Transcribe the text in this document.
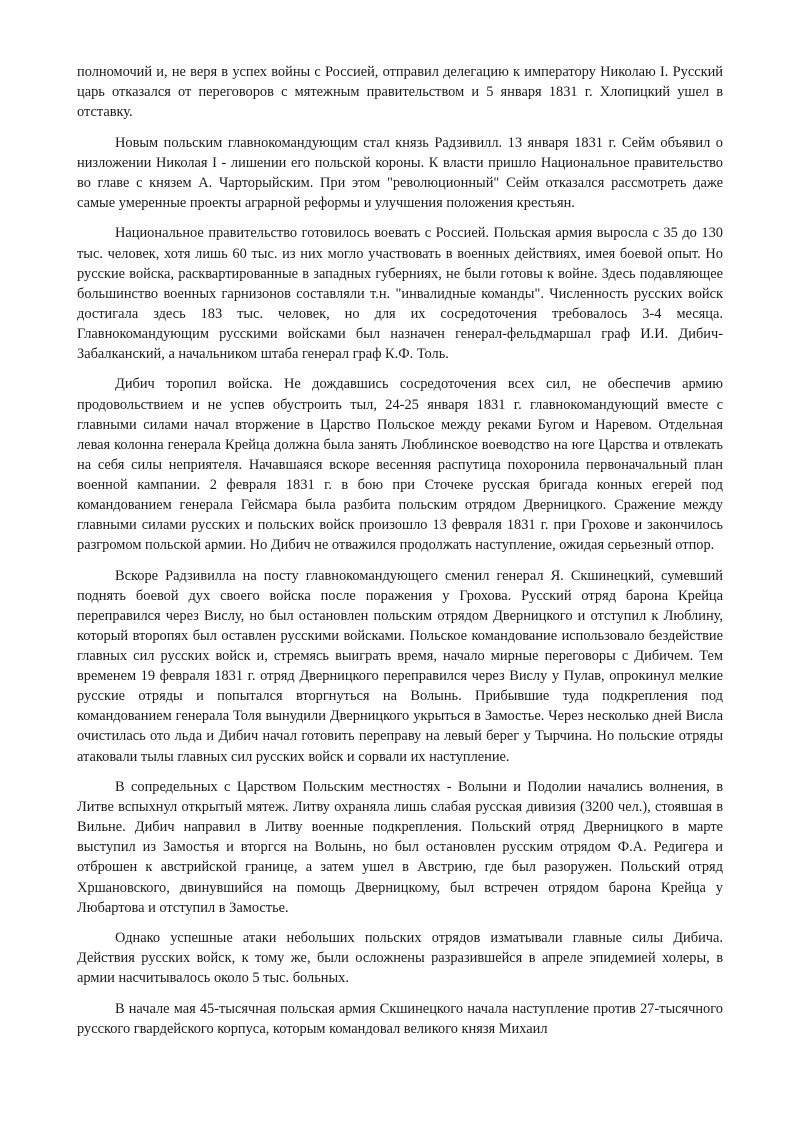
полномочий и, не веря в успех войны с Россией, отправил делегацию к императору Николаю I. Русский царь отказался от переговоров с мятежным правительством и 5 января 1831 г. Хлопицкий ушел в отставку.

Новым польским главнокомандующим стал князь Радзивилл. 13 января 1831 г. Сейм объявил о низложении Николая I - лишении его польской короны. К власти пришло Национальное правительство во главе с князем А. Чарторыйским. При этом "революционный" Сейм отказался рассмотреть даже самые умеренные проекты аграрной реформы и улучшения положения крестьян.

Национальное правительство готовилось воевать с Россией. Польская армия выросла с 35 до 130 тыс. человек, хотя лишь 60 тыс. из них могло участвовать в военных действиях, имея боевой опыт. Но русские войска, расквартированные в западных губерниях, не были готовы к войне. Здесь подавляющее большинство военных гарнизонов составляли т.н. "инвалидные команды". Численность русских войск достигала здесь 183 тыс. человек, но для их сосредоточения требовалось 3-4 месяца. Главнокомандующим русскими войсками был назначен генерал-фельдмаршал граф И.И. Дибич-Забалканский, а начальником штаба генерал граф К.Ф. Толь.

Дибич торопил войска. Не дождавшись сосредоточения всех сил, не обеспечив армию продовольствием и не успев обустроить тыл, 24-25 января 1831 г. главнокомандующий вместе с главными силами начал вторжение в Царство Польское между реками Бугом и Наревом. Отдельная левая колонна генерала Крейца должна была занять Люблинское воеводство на юге Царства и отвлекать на себя силы неприятеля. Начавшаяся вскоре весенняя распутица похоронила первоначальный план военной кампании. 2 февраля 1831 г. в бою при Сточеке русская бригада конных егерей под командованием генерала Гейсмара была разбита польским отрядом Дверницкого. Сражение между главными силами русских и польских войск произошло 13 февраля 1831 г. при Грохове и закончилось разгромом польской армии. Но Дибич не отважился продолжать наступление, ожидая серьезный отпор.

Вскоре Радзивилла на посту главнокомандующего сменил генерал Я. Скшинецкий, сумевший поднять боевой дух своего войска после поражения у Грохова. Русский отряд барона Крейца переправился через Вислу, но был остановлен польским отрядом Дверницкого и отступил к Люблину, который второпях был оставлен русскими войсками. Польское командование использовало бездействие главных сил русских войск и, стремясь выиграть время, начало мирные переговоры с Дибичем. Тем временем 19 февраля 1831 г. отряд Дверницкого переправился через Вислу у Пулав, опрокинул мелкие русские отряды и попытался вторгнуться на Волынь. Прибывшие туда подкрепления под командованием генерала Толя вынудили Дверницкого укрыться в Замостье. Через несколько дней Висла очистилась ото льда и Дибич начал готовить переправу на левый берег у Тырчина. Но польские отряды атаковали тылы главных сил русских войск и сорвали их наступление.

В сопредельных с Царством Польским местностях - Волыни и Подолии начались волнения, в Литве вспыхнул открытый мятеж. Литву охраняла лишь слабая русская дивизия (3200 чел.), стоявшая в Вильне. Дибич направил в Литву военные подкрепления. Польский отряд Дверницкого в марте выступил из Замостья и вторгся на Волынь, но был остановлен русским отрядом Ф.А. Редигера и отброшен к австрийской границе, а затем ушел в Австрию, где был разоружен. Польский отряд Хршановского, двинувшийся на помощь Дверницкому, был встречен отрядом барона Крейца у Любартова и отступил в Замостье.

Однако успешные атаки небольших польских отрядов изматывали главные силы Дибича. Действия русских войск, к тому же, были осложнены разразившейся в апреле эпидемией холеры, в армии насчитывалось около 5 тыс. больных.

В начале мая 45-тысячная польская армия Скшинецкого начала наступление против 27-тысячного русского гвардейского корпуса, которым командовал великого князя Михаил
